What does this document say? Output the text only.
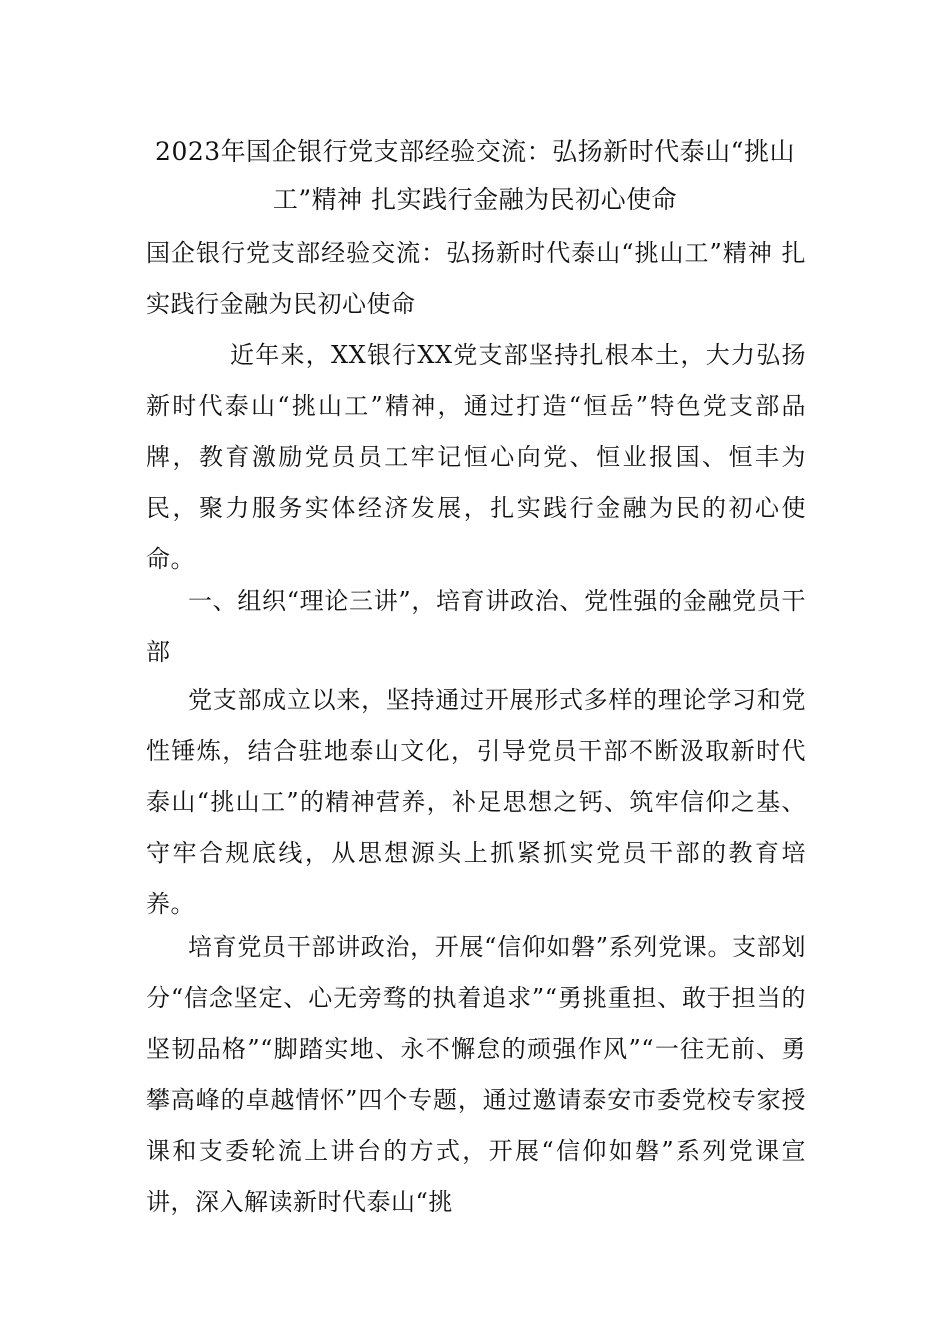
2023年国企银行党支部经验交流：弘扬新时代泰山“挑山工”精神 扎实践行金融为民初心使命

国企银行党支部经验交流：弘扬新时代泰山“挑山工”精神 扎实践行金融为民初心使命

近年来，XX银行XX党支部坚持扎根本土，大力弘扬新时代泰山“挑山工”精神，通过打造“恒岳”特色党支部品牌，教育激励党员员工牢记恒心向党、恒业报国、恒丰为民，聚力服务实体经济发展，扎实践行金融为民的初心使命。

一、组织“理论三讲”，培育讲政治、党性强的金融党员干部

党支部成立以来，坚持通过开展形式多样的理论学习和党性锤炼，结合驻地泰山文化，引导党员干部不断汲取新时代泰山“挑山工”的精神营养，补足思想之钙、筑牢信仰之基、守牢合规底线，从思想源头上抓紧抓实党员干部的教育培养。

培育党员干部讲政治，开展“信仰如磐”系列党课。支部划分“信念坚定、心无旁骛的执着追求”“勇挑重担、敢于担当的坚韧品格”“脚踏实地、永不懈怠的顽强作风”“一往无前、勇攀高峰的卓越情怀”四个专题，通过邀请泰安市委党校专家授课和支委轮流上讲台的方式，开展“信仰如磐”系列党课宣讲，深入解读新时代泰山“挑
